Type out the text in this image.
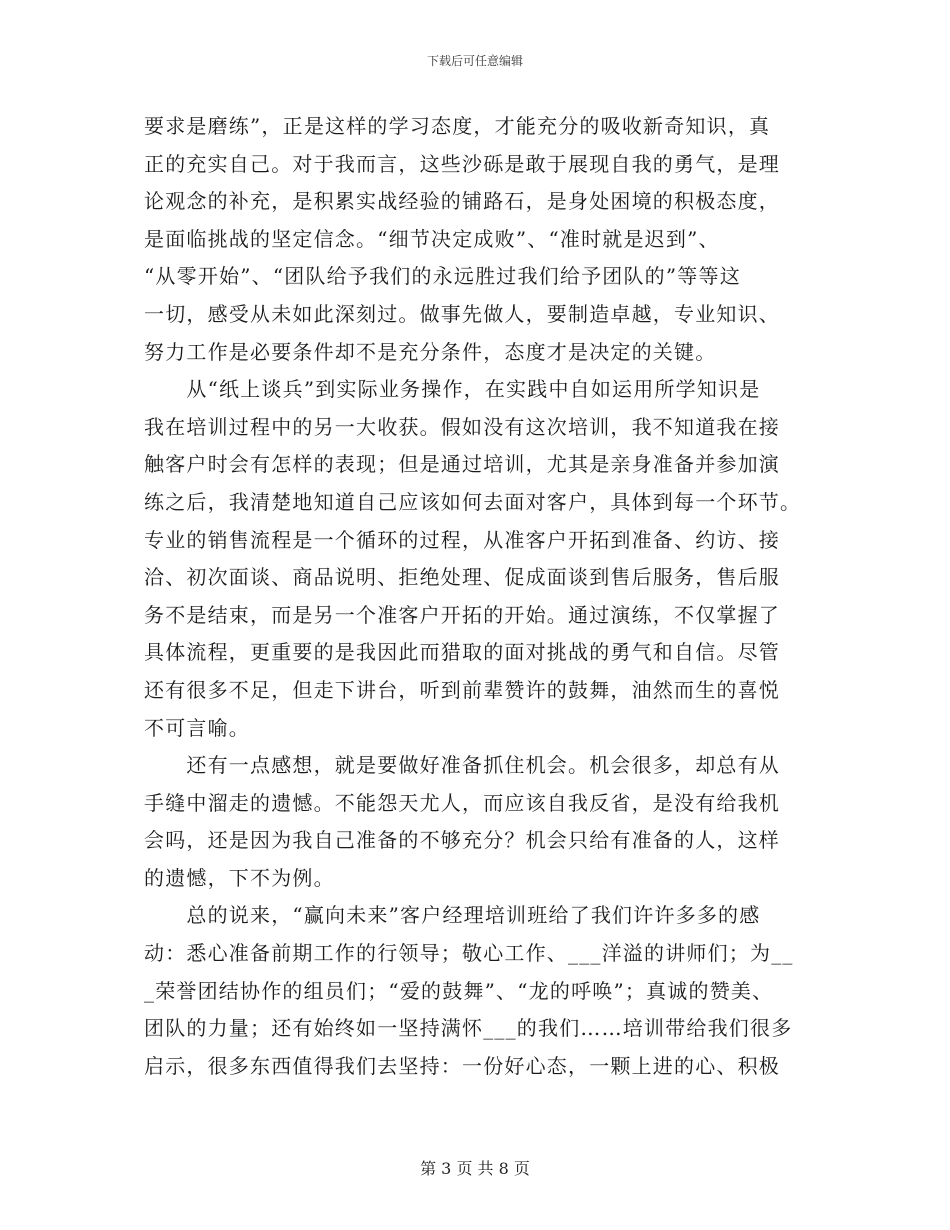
下载后可任意编辑
要求是磨练”，正是这样的学习态度，才能充分的吸收新奇知识，真
正的充实自己。对于我而言，这些沙砾是敢于展现自我的勇气，是理
论观念的补充，是积累实战经验的铺路石，是身处困境的积极态度，
是面临挑战的坚定信念。“细节决定成败”、“准时就是迟到”、
“从零开始”、“团队给予我们的永远胜过我们给予团队的”等等这
一切，感受从未如此深刻过。做事先做人，要制造卓越，专业知识、
努力工作是必要条件却不是充分条件，态度才是决定的关键。
　　从“纸上谈兵”到实际业务操作，在实践中自如运用所学知识是
我在培训过程中的另一大收获。假如没有这次培训，我不知道我在接
触客户时会有怎样的表现；但是通过培训，尤其是亲身准备并参加演
练之后，我清楚地知道自己应该如何去面对客户，具体到每一个环节。
专业的销售流程是一个循环的过程，从准客户开拓到准备、约访、接
洽、初次面谈、商品说明、拒绝处理、促成面谈到售后服务，售后服
务不是结束，而是另一个准客户开拓的开始。通过演练，不仅掌握了
具体流程，更重要的是我因此而猎取的面对挑战的勇气和自信。尽管
还有很多不足，但走下讲台，听到前辈赞许的鼓舞，油然而生的喜悦
不可言喻。
　　还有一点感想，就是要做好准备抓住机会。机会很多，却总有从
手缝中溜走的遗憾。不能怨天尤人，而应该自我反省，是没有给我机
会吗，还是因为我自己准备的不够充分？机会只给有准备的人，这样
的遗憾，下不为例。
　　总的说来，“赢向未来”客户经理培训班给了我们许许多多的感
动：悉心准备前期工作的行领导；敬心工作、___洋溢的讲师们；为__
_荣誉团结协作的组员们；“爱的鼓舞”、“龙的呼唤”；真诚的赞美、
团队的力量；还有始终如一坚持满怀___的我们……培训带给我们很多
启示，很多东西值得我们去坚持：一份好心态，一颗上进的心、积极
第 3 页 共 8 页
